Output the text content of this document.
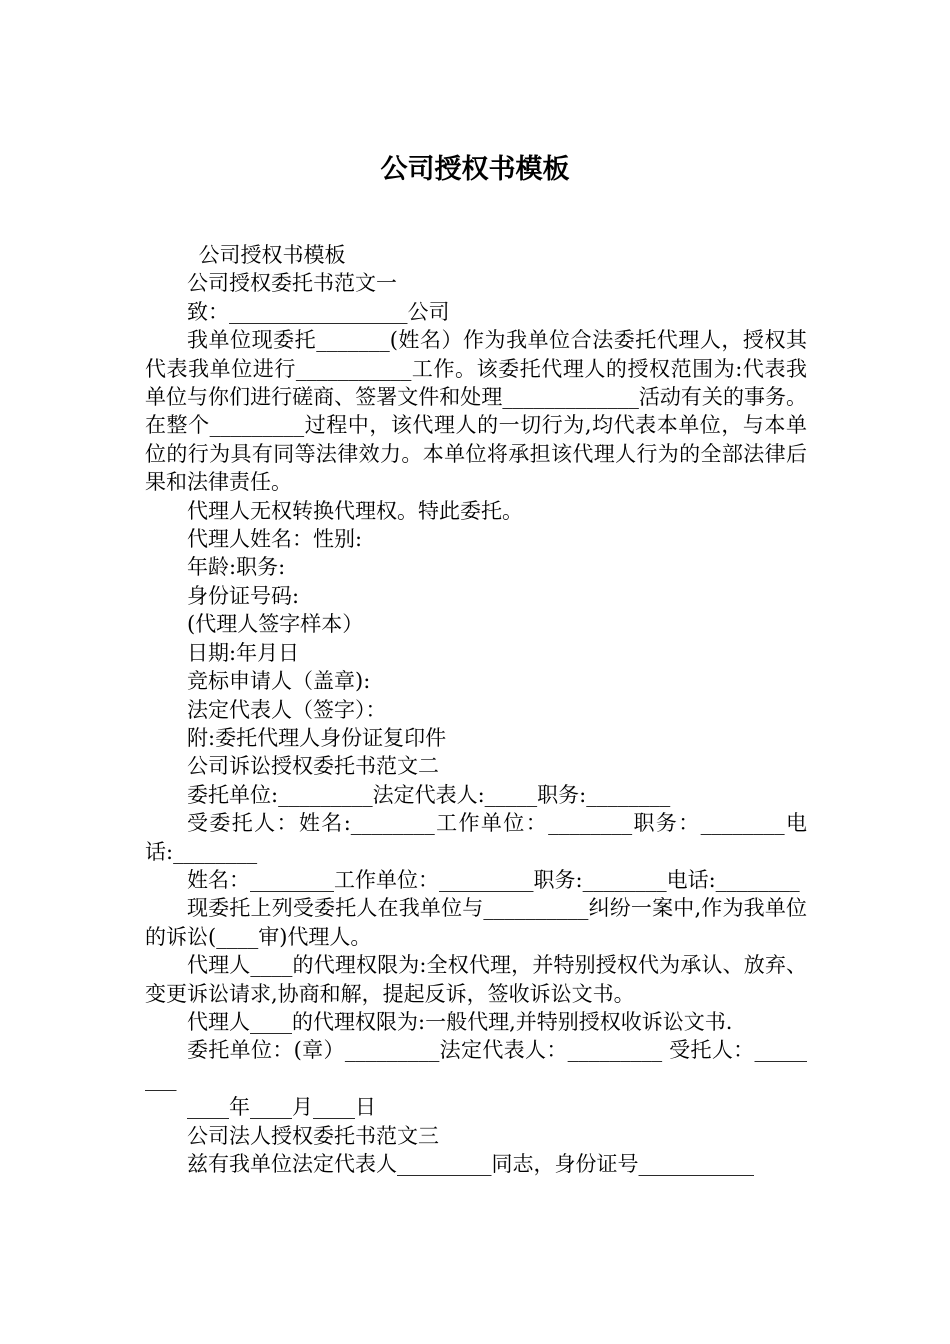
公司授权书模板

公司授权书模板

公司授权委托书范文一

致：_________________公司

我单位现委托_______(姓名）作为我单位合法委托代理人，授权其代表我单位进行___________工作。该委托代理人的授权范围为:代表我单位与你们进行磋商、签署文件和处理_____________活动有关的事务。在整个_________过程中，该代理人的一切行为,均代表本单位，与本单位的行为具有同等法律效力。本单位将承担该代理人行为的全部法律后果和法律责任。

代理人无权转换代理权。特此委托。

代理人姓名：性别:

年龄:职务:

身份证号码:

(代理人签字样本）

日期:年月日

竞标申请人（盖章):

法定代表人（签字）：

附:委托代理人身份证复印件

公司诉讼授权委托书范文二

委托单位:_________法定代表人:_____职务:________

受委托人：姓名:________工作单位：________职务：________电话:________

姓名：________工作单位：_________职务:________电话:________

现委托上列受委托人在我单位与__________纠纷一案中,作为我单位的诉讼(____审)代理人。

代理人____的代理权限为:全权代理，并特别授权代为承认、放弃、变更诉讼请求,协商和解，提起反诉，签收诉讼文书。

代理人____的代理权限为:一般代理,并特别授权收诉讼文书.

委托单位：(章）_________法定代表人：_________ 受托人：________

____年____月____日

公司法人授权委托书范文三

兹有我单位法定代表人_________同志，身份证号___________
